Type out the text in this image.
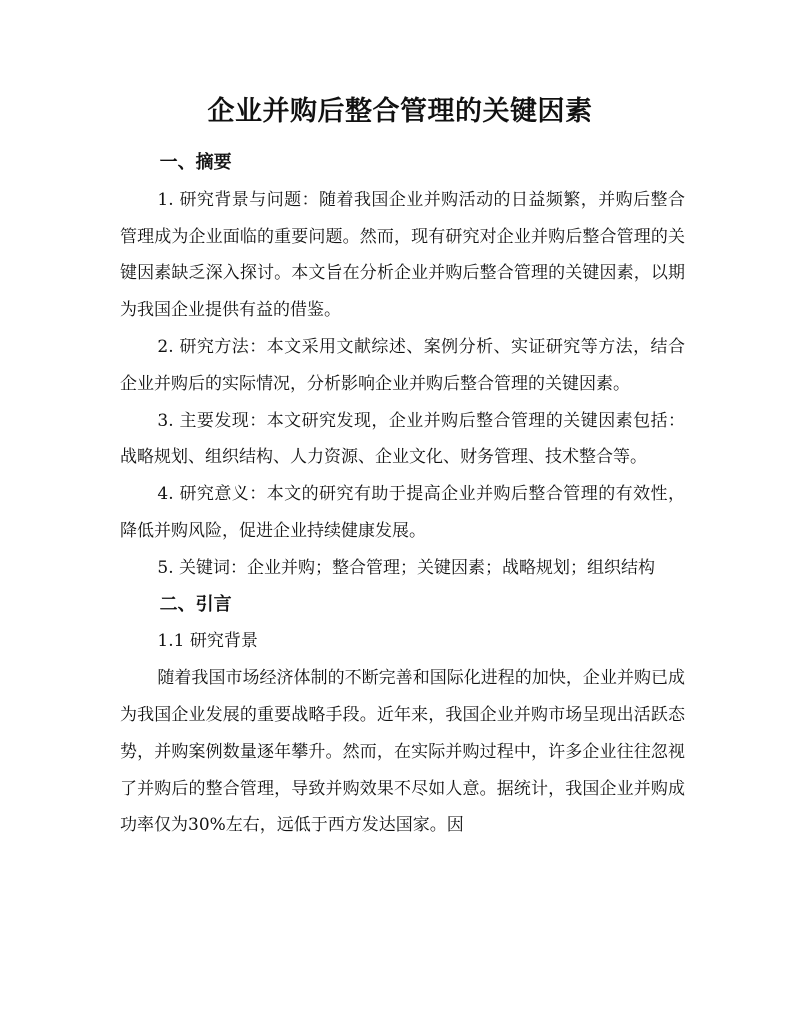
企业并购后整合管理的关键因素

一、摘要

1. 研究背景与问题：随着我国企业并购活动的日益频繁，并购后整合管理成为企业面临的重要问题。然而，现有研究对企业并购后整合管理的关键因素缺乏深入探讨。本文旨在分析企业并购后整合管理的关键因素，以期为我国企业提供有益的借鉴。

2. 研究方法：本文采用文献综述、案例分析、实证研究等方法，结合企业并购后的实际情况，分析影响企业并购后整合管理的关键因素。

3. 主要发现：本文研究发现，企业并购后整合管理的关键因素包括：战略规划、组织结构、人力资源、企业文化、财务管理、技术整合等。

4. 研究意义：本文的研究有助于提高企业并购后整合管理的有效性，降低并购风险，促进企业持续健康发展。

5. 关键词：企业并购；整合管理；关键因素；战略规划；组织结构

二、引言

1.1 研究背景

随着我国市场经济体制的不断完善和国际化进程的加快，企业并购已成为我国企业发展的重要战略手段。近年来，我国企业并购市场呈现出活跃态势，并购案例数量逐年攀升。然而，在实际并购过程中，许多企业往往忽视了并购后的整合管理，导致并购效果不尽如人意。据统计，我国企业并购成功率仅为30%左右，远低于西方发达国家。因
